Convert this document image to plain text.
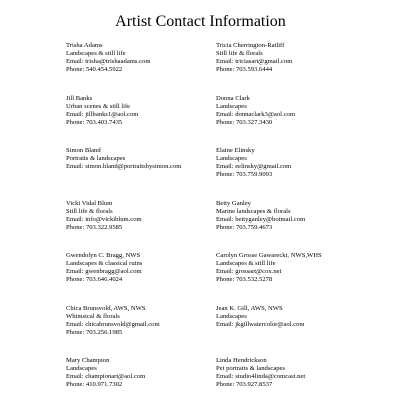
Artist Contact Information
Trisha Adams
Landscapes & still life
Email: trisha@trishaadams.com
Phone: 540.454.5922
Jill Banks
Urban scenes & still life
Email: jillbanks1@aol.com
Phone: 703.403.7435
Simon Bland
Portraits & landscapes
Email: simon.bland@portraitsbysimon.com
Vicki Vidal Blum
Still life & florals
Email: info@vickiblum.com
Phone: 703.322.9585
Gwendolyn C. Bragg, NWS
Landscapes & classical ruins
Email: gwenbragg@aol.com
Phone: 703.646.4024
Chica Brunsvold, AWS, NWS
Whimsical & florals
Email: chicabrunsvold@gmail.com
Phone: 703.256.1985
Mary Champion
Landscapes
Email: championart@aol.com
Phone: 410.971.7302
Tricia Cherrington-Ratliff
Still life & florals
Email: triciasart@gmail.com
Phone: 703.593.6444
Donna Clark
Landscapes
Email: donnaclark3@aol.com
Phone: 703.327.3430
Elaine Elinsky
Landscapes
Email: eelinsky@gmail.com
Phone: 703.759.9093
Betty Ganley
Marine landscapes & florals
Email: bettyganley@hotmail.com
Phone: 703.759.4673
Carolyn Grosse Gawarecki, NWS,WHS
Landscapes & still life
Email: grossart@cox.net
Phone: 703.532.5278
Jean K. Gill, AWS, NWS
Landscapes
Email: jkgillwatercolor@aol.com
Linda Hendrickson
Pet portraits & landscapes
Email: studio4linda@comcast.net
Phone: 703.927.8537
